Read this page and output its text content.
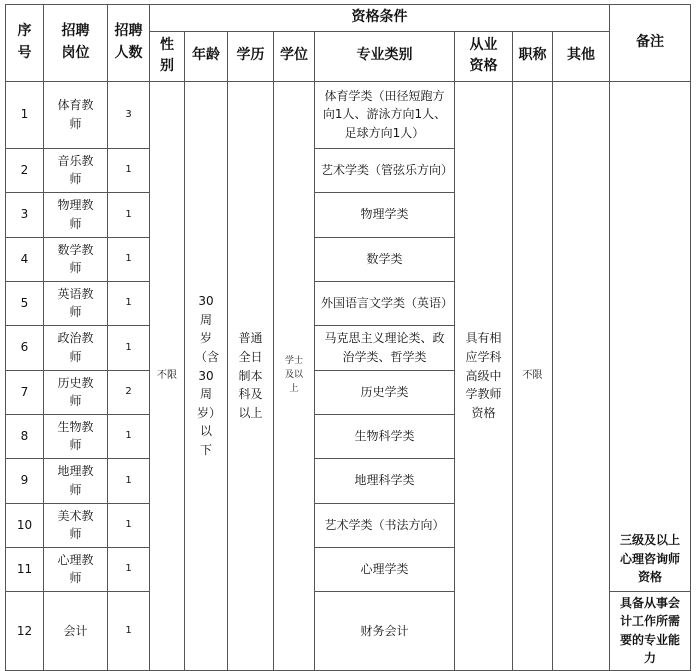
序号	招聘岗位	招聘人数	资格条件								备注
			性别	年龄	学历	学位	专业类别	从业资格	职称	其他	
1	体育教师	3	不限	30周岁（含30周岁）以下	普通全日制本科及以上	学士及以上	体育学类（田径短跑方向1人、游泳方向1人、足球方向1人）	具有相应学科高级中学教师资格	不限		三级及以上心理咨询师资格
2	音乐教师	1					艺术学类（管弦乐方向）				
3	物理教师	1					物理学类				
4	数学教师	1					数学类				
5	英语教师	1					外国语言文学类（英语）				
6	政治教师	1					马克思主义理论类、政治学类、哲学类				
7	历史教师	2					历史学类				
8	生物教师	1					生物科学类				
9	地理教师	1					地理科学类				
10	美术教师	1					艺术学类（书法方向）				
11	心理教师	1					心理学类				
12	会计	1					财务会计				具备从事会计工作所需要的专业能力
